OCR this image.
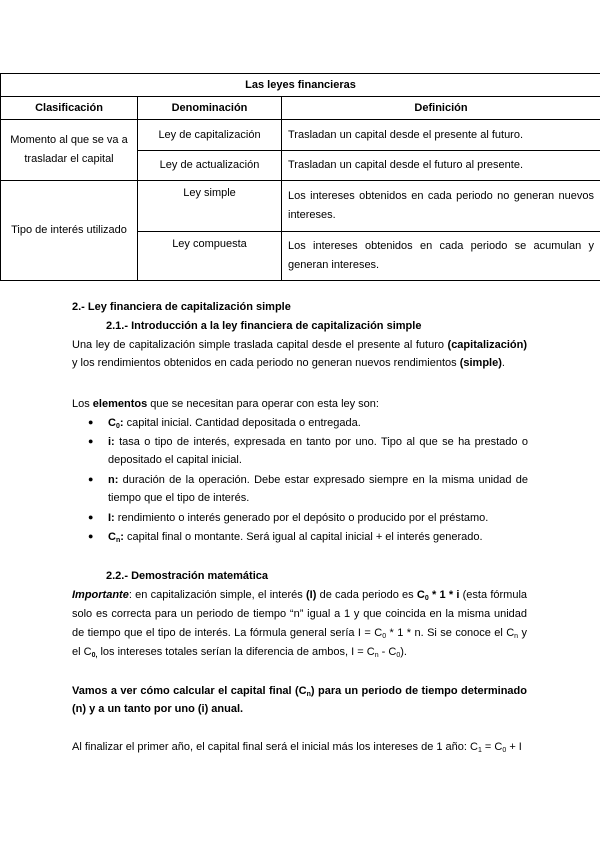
Las leyes financieras		
Clasificación	Denominación	Definición
Momento al que se va a trasladar el capital	Ley de capitalización	Trasladan un capital desde el presente al futuro.
	Ley de actualización	Trasladan un capital desde el futuro al presente.
Tipo de interés utilizado	Ley simple	Los intereses obtenidos en cada periodo no generan nuevos intereses.
	Ley compuesta	Los intereses obtenidos en cada periodo se acumulan y generan intereses.
2.- Ley financiera de capitalización simple
2.1.- Introducción a la ley financiera de capitalización simple
Una ley de capitalización simple traslada capital desde el presente al futuro (capitalización)
y los rendimientos obtenidos en cada periodo no generan nuevos rendimientos (simple).
Los elementos que se necesitan para operar con esta ley son:
● $C_0$: capital inicial. Cantidad depositada o entregada.
● i: tasa o tipo de interés, expresada en tanto por uno. Tipo al que se ha prestado o
depositado el capital inicial.
● n: duración de la operación. Debe estar expresado siempre en la misma unidad de
tiempo que el tipo de interés.
● I: rendimiento o interés generado por el depósito o producido por el préstamo.
● $C_n$: capital final o montante. Será igual al capital inicial + el interés generado.
2.2.- Demostración matemática
Importante: en capitalización simple, el interés (I) de cada periodo es $C_0 * 1$ * i (esta fórmula
solo es correcta para un periodo de tiempo “n” igual a 1 y que coincida en la misma unidad
de tiempo que el tipo de interés. La fórmula general sería $I = C_0 * 1 * n$. Si se conoce el $C_n$ y
el $C_{0,}$ los intereses totales serían la diferencia de ambos, $I = C_n - C_0$).
Vamos a ver cómo calcular el capital final $(C_n)$ para un periodo de tiempo determinado
(n) y a un tanto por uno (i) anual.
Al finalizar el primer año, el capital final será el inicial más los intereses de 1 año: $C_1 = C_0 + I$
